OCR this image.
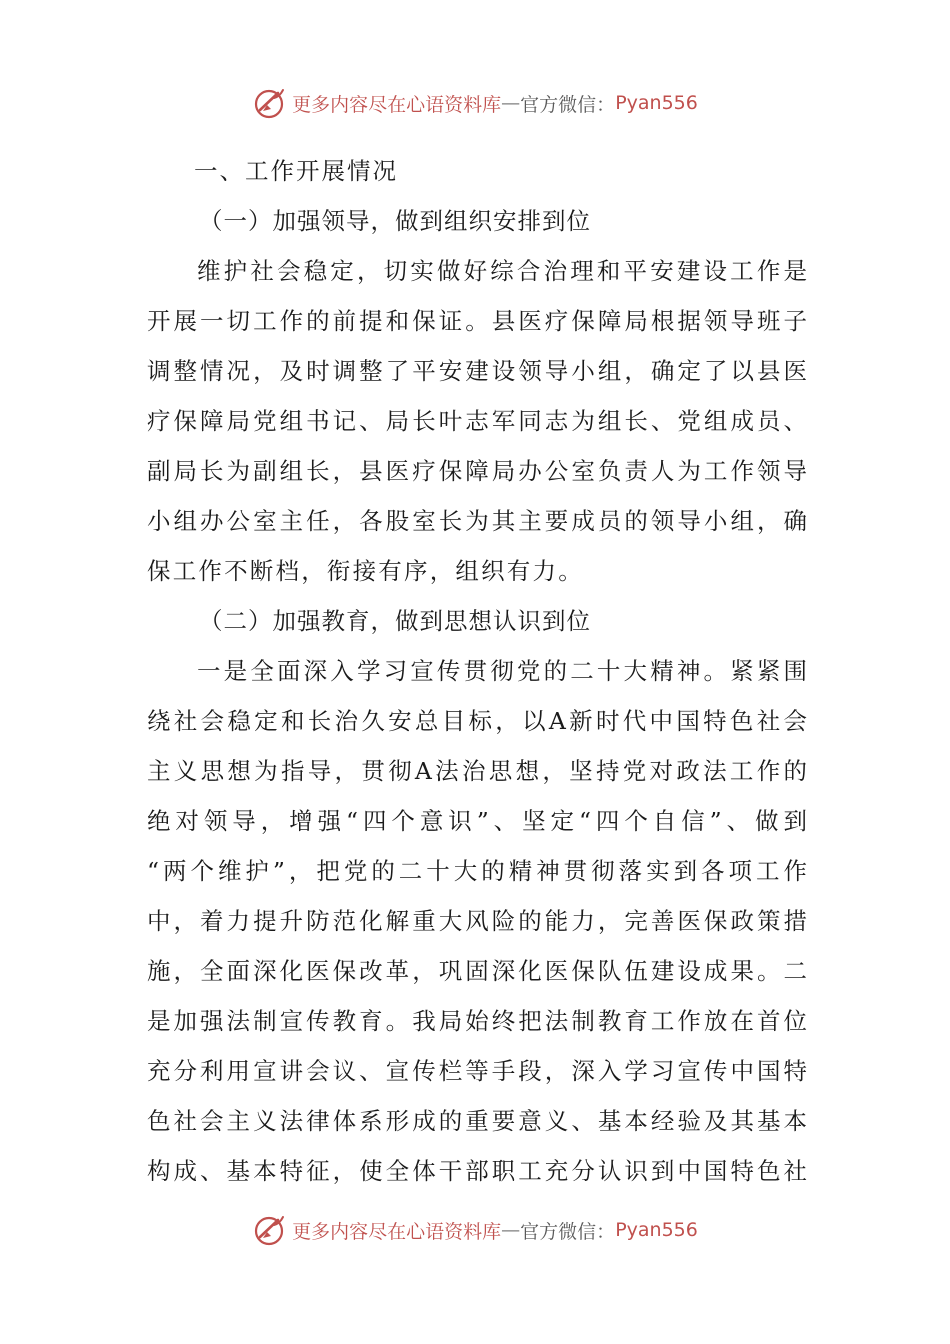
更多内容尽在心语资料库 — 官方微信： Pyan556
一、工作开展情况
（一）加强领导，做到组织安排到位
维护社会稳定，切实做好综合治理和平安建设工作是
开展一切工作的前提和保证。县医疗保障局根据领导班子
调整情况，及时调整了平安建设领导小组，确定了以县医
疗保障局党组书记、局长叶志军同志为组长、党组成员、
副局长为副组长，县医疗保障局办公室负责人为工作领导
小组办公室主任，各股室长为其主要成员的领导小组，确
保工作不断档，衔接有序，组织有力。
（二）加强教育，做到思想认识到位
一是全面深入学习宣传贯彻党的二十大精神。紧紧围
绕社会稳定和长治久安总目标，以A新时代中国特色社会
主义思想为指导，贯彻A法治思想，坚持党对政法工作的
绝对领导，增强“四个意识”、坚定“四个自信”、做到
“两个维护”，把党的二十大的精神贯彻落实到各项工作
中，着力提升防范化解重大风险的能力，完善医保政策措
施，全面深化医保改革，巩固深化医保队伍建设成果。二
是加强法制宣传教育。我局始终把法制教育工作放在首位
充分利用宣讲会议、宣传栏等手段，深入学习宣传中国特
色社会主义法律体系形成的重要意义、基本经验及其基本
构成、基本特征，使全体干部职工充分认识到中国特色社
更多内容尽在心语资料库 — 官方微信： Pyan556
